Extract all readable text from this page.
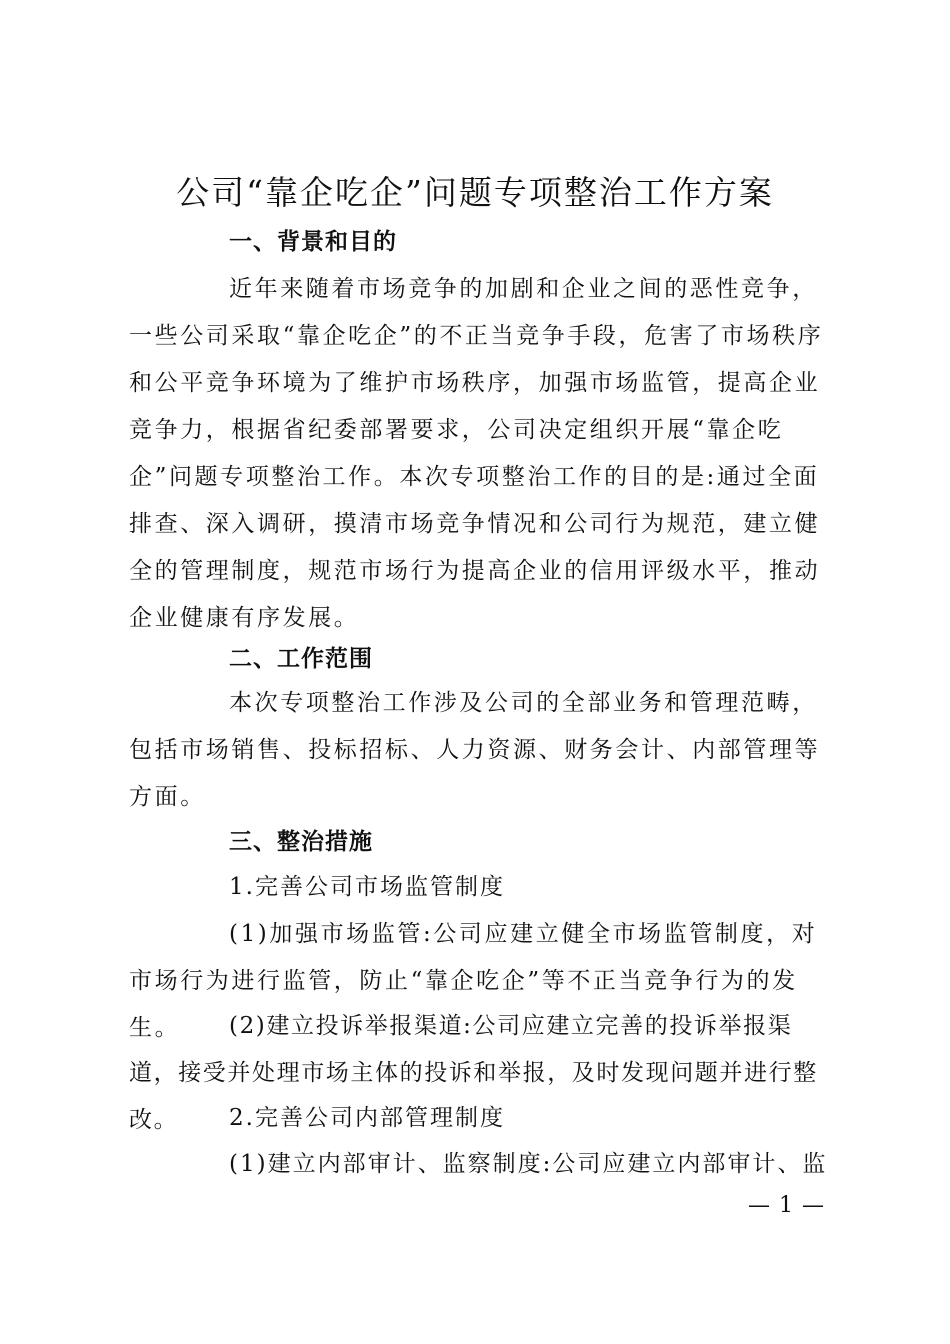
公司“靠企吃企”问题专项整治工作方案
一、背景和目的

近年来随着市场竞争的加剧和企业之间的恶性竞争，一些公司采取“靠企吃企”的不正当竞争手段，危害了市场秩序和公平竞争环境为了维护市场秩序，加强市场监管，提高企业竞争力，根据省纪委部署要求，公司决定组织开展“靠企吃企”问题专项整治工作。本次专项整治工作的目的是:通过全面排查、深入调研，摸清市场竞争情况和公司行为规范，建立健全的管理制度，规范市场行为提高企业的信用评级水平，推动企业健康有序发展。

二、工作范围

本次专项整治工作涉及公司的全部业务和管理范畴，包括市场销售、投标招标、人力资源、财务会计、内部管理等方面。

三、整治措施

1.完善公司市场监管制度

(1)加强市场监管:公司应建立健全市场监管制度，对市场行为进行监管，防止“靠企吃企”等不正当竞争行为的发生。	(2)建立投诉举报渠道:公司应建立完善的投诉举报渠道，接受并处理市场主体的投诉和举报，及时发现问题并进行整改。	2.完善公司内部管理制度

(1)建立内部审计、监察制度:公司应建立内部审计、监

— 1 —
